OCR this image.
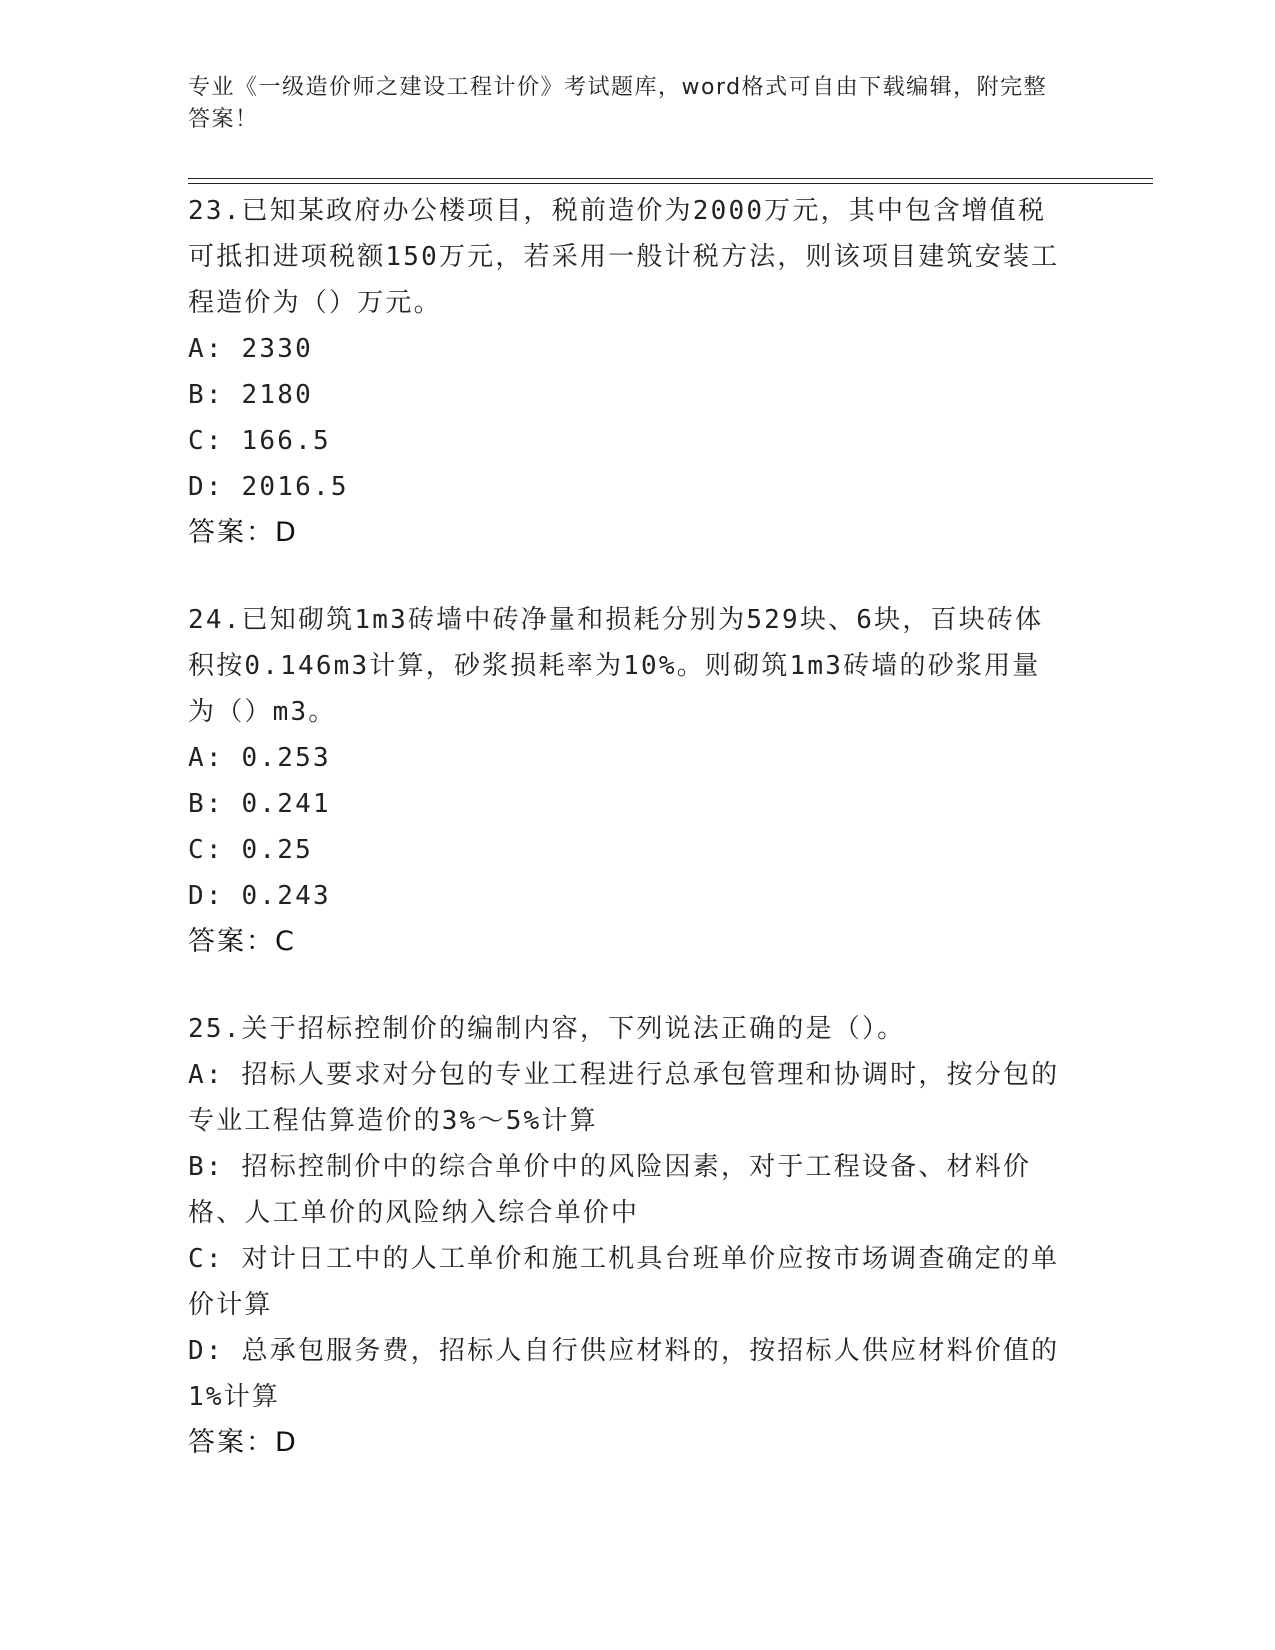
专业《一级造价师之建设工程计价》考试题库，word格式可自由下载编辑，附完整答案！
23.已知某政府办公楼项目，税前造价为2000万元，其中包含增值税可抵扣进项税额150万元，若采用一般计税方法，则该项目建筑安装工程造价为（）万元。
A: 2330
B: 2180
C: 166.5
D: 2016.5
答案：D
24.已知砌筑1m3砖墙中砖净量和损耗分别为529块、6块，百块砖体积按0.146m3计算，砂浆损耗率为10%。则砌筑1m3砖墙的砂浆用量为（）m3。
A: 0.253
B: 0.241
C: 0.25
D: 0.243
答案：C
25.关于招标控制价的编制内容，下列说法正确的是（）。
A: 招标人要求对分包的专业工程进行总承包管理和协调时，按分包的专业工程估算造价的3%～5%计算
B: 招标控制价中的综合单价中的风险因素，对于工程设备、材料价格、人工单价的风险纳入综合单价中
C: 对计日工中的人工单价和施工机具台班单价应按市场调查确定的单价计算
D: 总承包服务费，招标人自行供应材料的，按招标人供应材料价值的1%计算
答案：D
